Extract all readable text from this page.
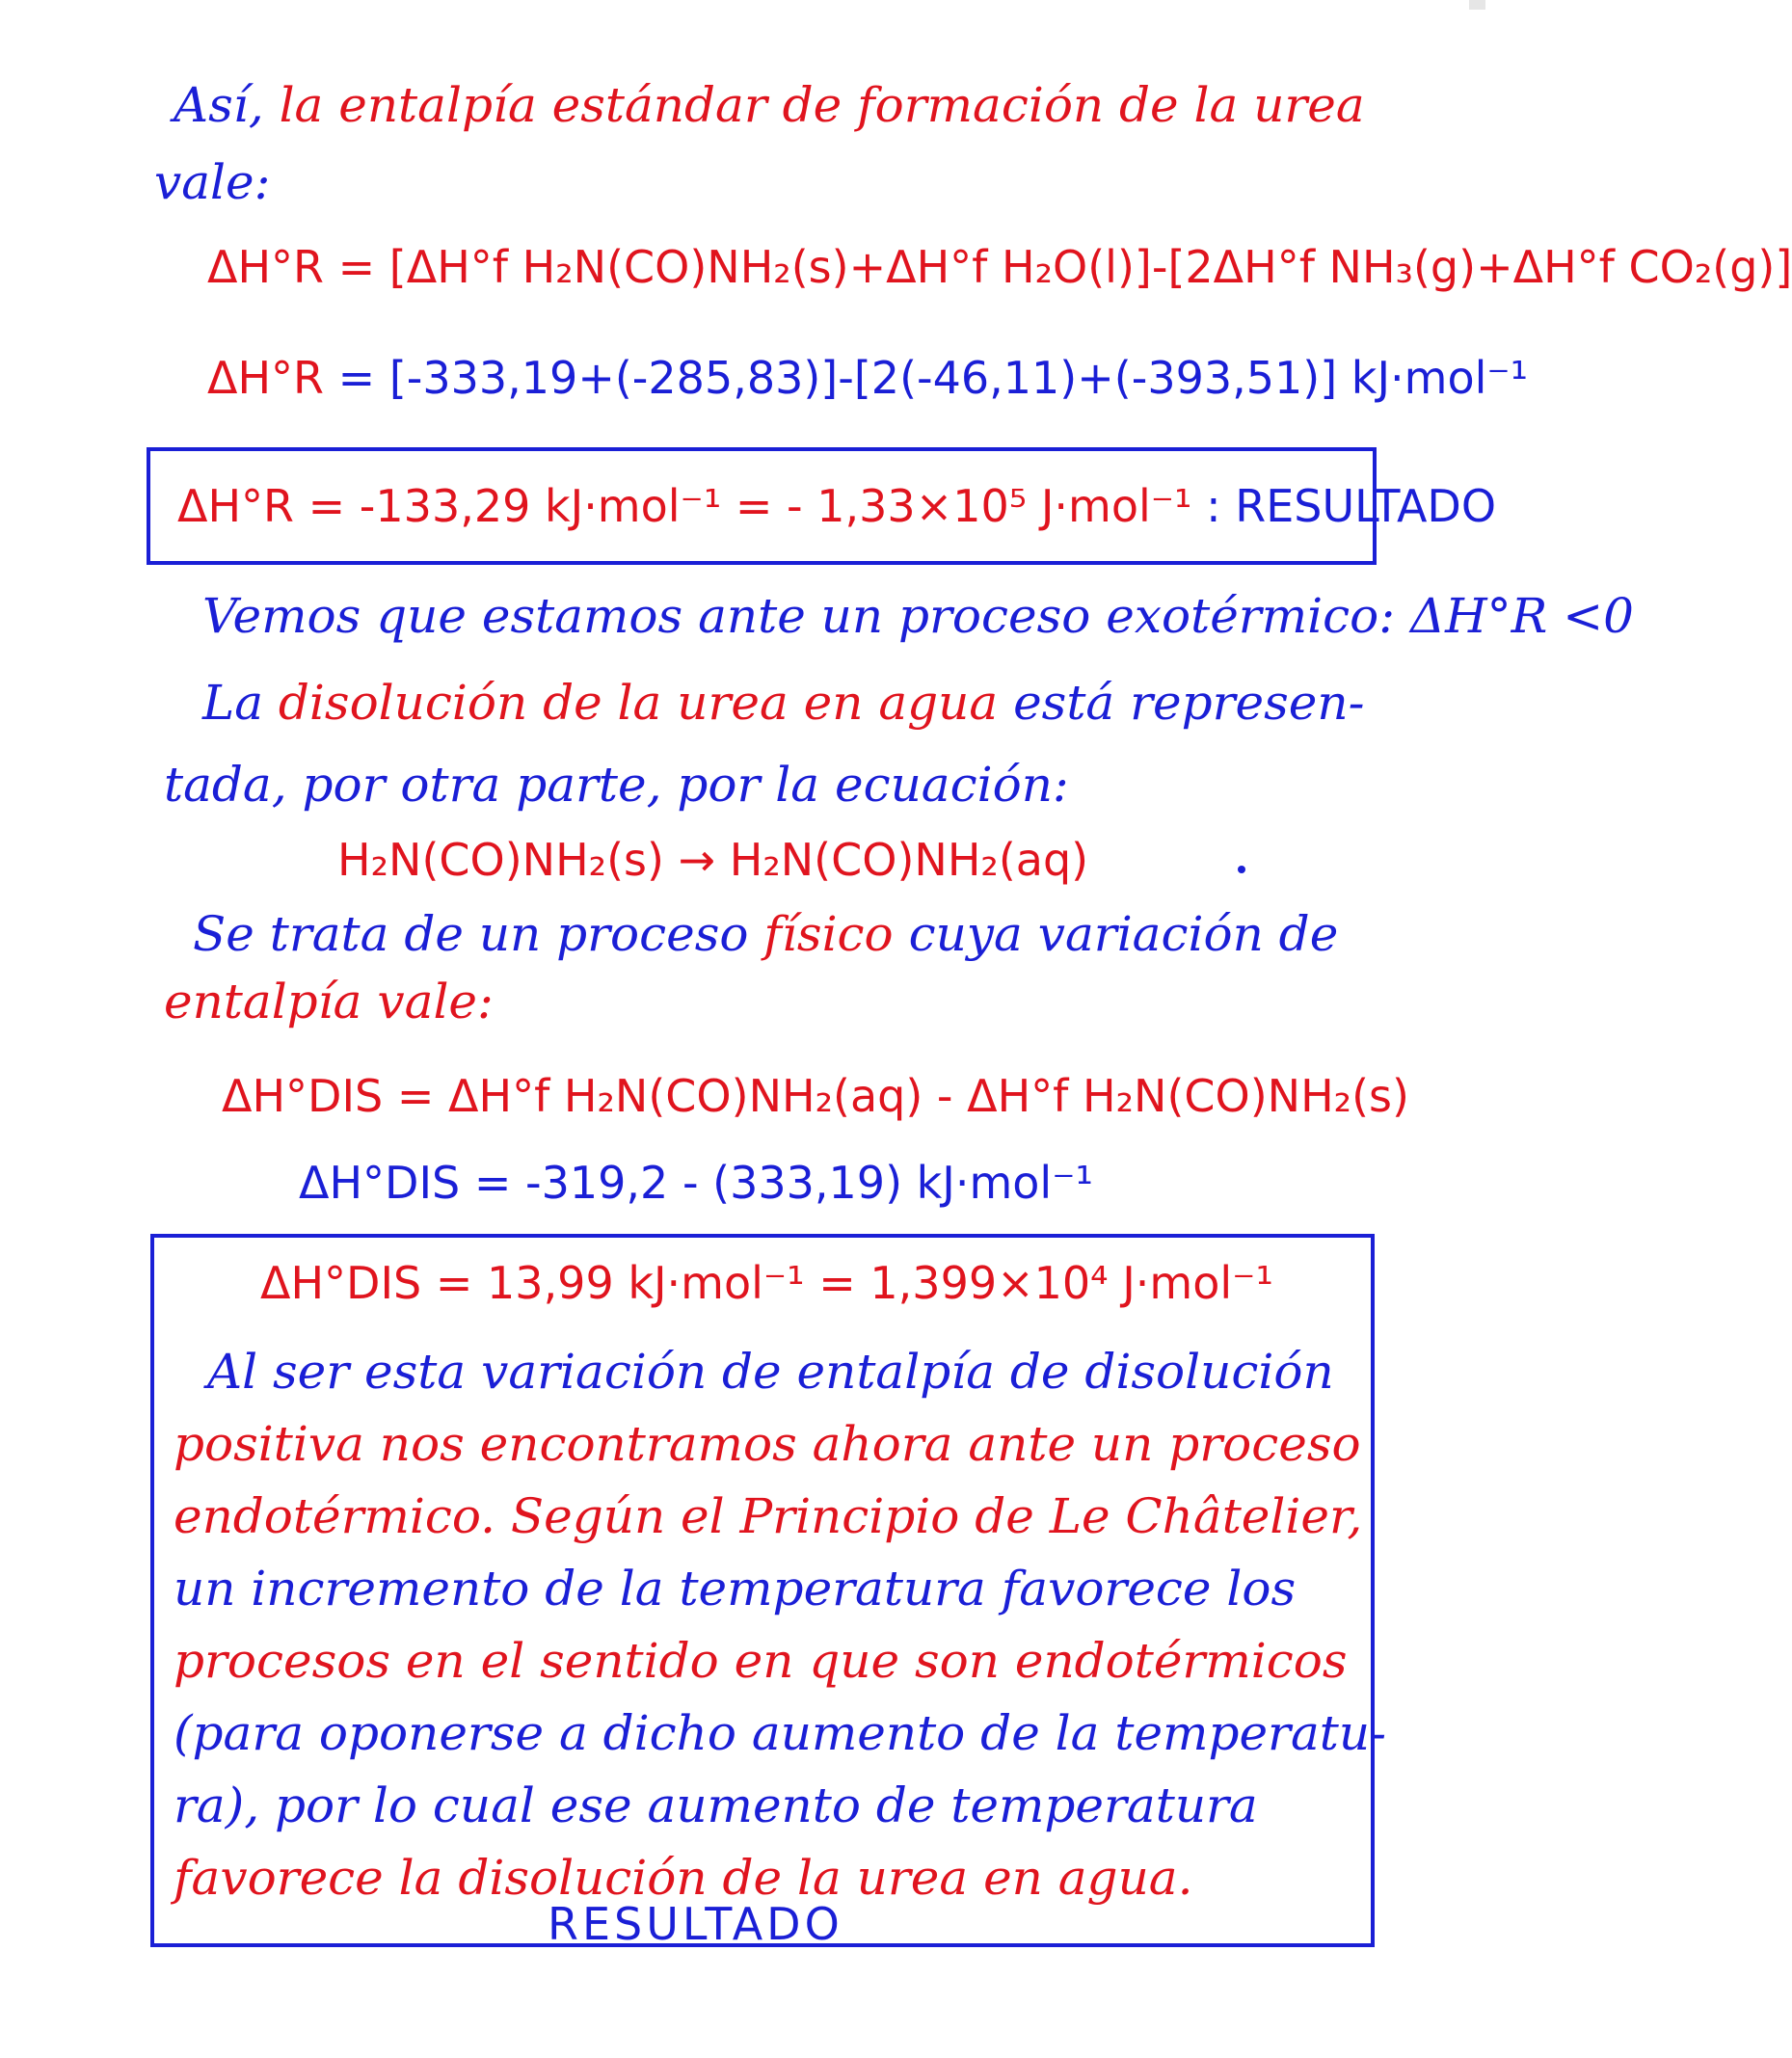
Así, la entalpía estándar de formación de la urea
vale:
ΔH°R = [ΔH°f H₂N(CO)NH₂(s)+ΔH°f H₂O(l)]-[2ΔH°f NH₃(g)+ΔH°f CO₂(g)]
ΔH°R = [-333,19+(-285,83)]-[2(-46,11)+(-393,51)] kJ·mol⁻¹
ΔH°R = -133,29 kJ·mol⁻¹ = - 1,33×10⁵ J·mol⁻¹ : RESULTADO
Vemos que estamos ante un proceso exotérmico: ΔH°R <0
La disolución de la urea en agua está represen-
tada, por otra parte, por la ecuación:
H₂N(CO)NH₂(s) → H₂N(CO)NH₂(aq)
Se trata de un proceso físico cuya variación de
entalpía vale:
ΔH°DIS = ΔH°f H₂N(CO)NH₂(aq) - ΔH°f H₂N(CO)NH₂(s)
ΔH°DIS = -319,2 - (333,19) kJ·mol⁻¹
ΔH°DIS = 13,99 kJ·mol⁻¹ = 1,399×10⁴ J·mol⁻¹
Al ser esta variación de entalpía de disolución
positiva nos encontramos ahora ante un proceso
endotérmico. Según el Principio de Le Châtelier,
un incremento de la temperatura favorece los
procesos en el sentido en que son endotérmicos
(para oponerse a dicho aumento de la temperatu-
ra), por lo cual ese aumento de temperatura
favorece la disolución de la urea en agua.
RESULTADO
